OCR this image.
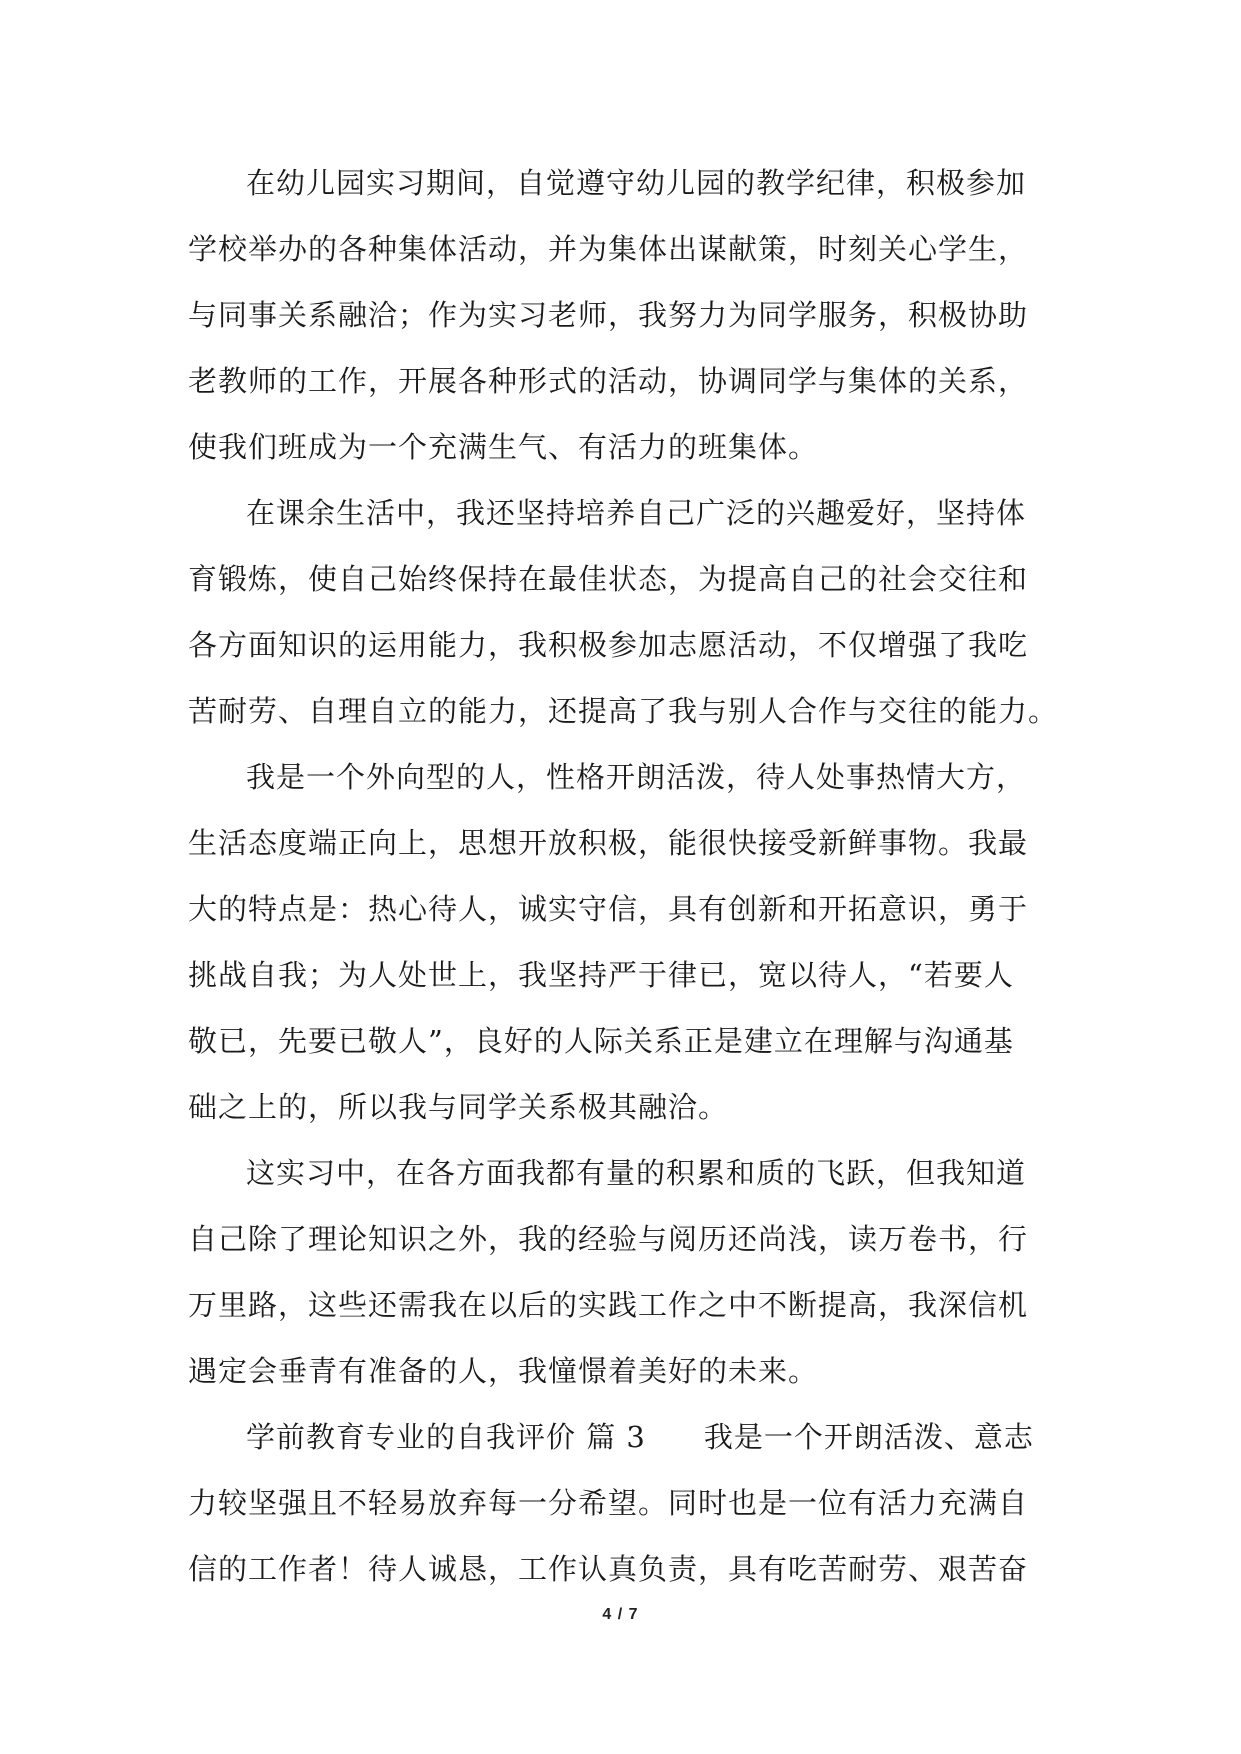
在幼儿园实习期间，自觉遵守幼儿园的教学纪律，积极参加
学校举办的各种集体活动，并为集体出谋献策，时刻关心学生，
与同事关系融洽；作为实习老师，我努力为同学服务，积极协助
老教师的工作，开展各种形式的活动，协调同学与集体的关系，
使我们班成为一个充满生气、有活力的班集体。
在课余生活中，我还坚持培养自己广泛的兴趣爱好，坚持体
育锻炼，使自己始终保持在最佳状态，为提高自己的社会交往和
各方面知识的运用能力，我积极参加志愿活动，不仅增强了我吃
苦耐劳、自理自立的能力，还提高了我与别人合作与交往的能力。
我是一个外向型的人，性格开朗活泼，待人处事热情大方，
生活态度端正向上，思想开放积极，能很快接受新鲜事物。我最
大的特点是：热心待人，诚实守信，具有创新和开拓意识，勇于
挑战自我；为人处世上，我坚持严于律已，宽以待人，“若要人
敬已，先要已敬人”，良好的人际关系正是建立在理解与沟通基
础之上的，所以我与同学关系极其融洽。
这实习中，在各方面我都有量的积累和质的飞跃，但我知道
自己除了理论知识之外，我的经验与阅历还尚浅，读万卷书，行
万里路，这些还需我在以后的实践工作之中不断提高，我深信机
遇定会垂青有准备的人，我憧憬着美好的未来。
学前教育专业的自我评价 篇 3 我是一个开朗活泼、意志
力较坚强且不轻易放弃每一分希望。同时也是一位有活力充满自
信的工作者！待人诚恳，工作认真负责，具有吃苦耐劳、艰苦奋
4 / 7
